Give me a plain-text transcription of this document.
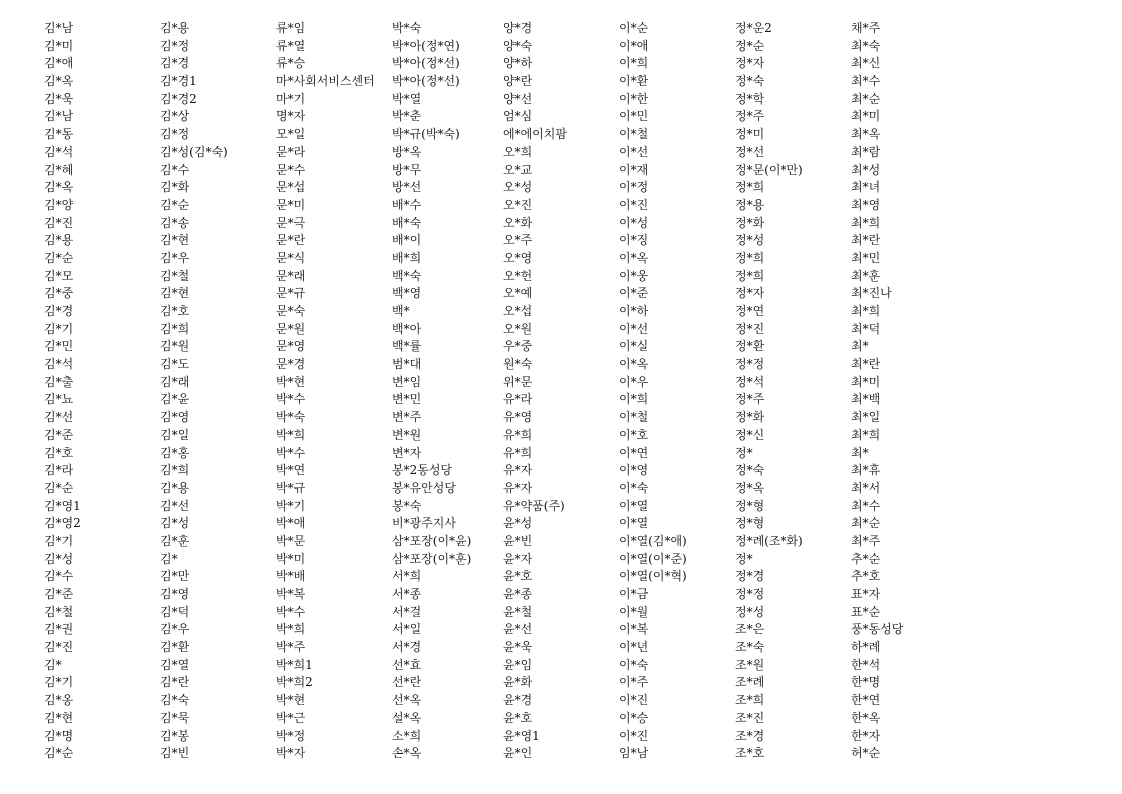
김*남
김*미
김*애
김*옥
김*욱
김*남
김*동
김*석
김*혜
김*옥
김*양
김*진
김*용
김*순
김*모
김*중
김*경
김*기
김*민
김*석
김*출
김*뇨
김*선
김*준
김*호
김*라
김*순
김*영1
김*영2
김*기
김*성
김*수
김*준
김*철
김*권
김*진
김*
김*기
김*옹
김*현
김*명
김*순
김*용
김*정
김*경
김*경1
김*경2
김*상
김*정
김*성(김*숙)
김*수
김*화
김*순
김*송
김*현
김*우
김*철
김*현
김*호
김*희
김*원
김*도
김*래
김*윤
김*영
김*일
김*홍
김*희
김*용
김*선
김*성
김*훈
김*
김*만
김*영
김*덕
김*우
김*환
김*열
김*란
김*숙
김*묵
김*봉
김*빈
류*임
류*열
류*승
마*사회서비스센터
마*기
명*자
모*일
문*라
문*수
문*섭
문*미
문*극
문*란
문*식
문*래
문*규
문*숙
문*원
문*영
문*경
박*현
박*수
박*숙
박*희
박*수
박*연
박*규
박*기
박*애
박*문
박*미
박*배
박*복
박*수
박*희
박*주
박*희1
박*희2
박*현
박*근
박*정
박*자
박*숙
박*아(정*연)
박*아(정*선)
박*아(정*선)
박*열
박*춘
박*규(박*숙)
방*옥
방*무
방*선
배*수
배*숙
배*이
배*희
백*숙
백*영
백*
백*아
백*률
범*대
변*임
변*민
변*주
변*원
변*자
봉*2동성당
봉*유안성당
봉*숙
비*광주지사
삼*포장(이*윤)
삼*포장(이*훈)
서*희
서*종
서*걸
서*일
서*경
선*효
선*란
선*옥
설*옥
소*희
손*옥
양*경
양*숙
양*하
양*란
양*선
엄*심
에*에이치팜
오*희
오*교
오*성
오*진
오*화
오*주
오*영
오*헌
오*예
오*섭
오*원
우*중
원*숙
위*문
유*라
유*영
유*희
유*희
유*자
유*자
유*약품(주)
윤*성
윤*빈
윤*자
윤*호
윤*종
윤*철
윤*선
윤*욱
윤*임
윤*화
윤*경
윤*호
윤*영1
윤*인
이*순
이*애
이*희
이*환
이*한
이*민
이*철
이*선
이*재
이*정
이*진
이*성
이*징
이*옥
이*웅
이*준
이*하
이*선
이*실
이*옥
이*우
이*희
이*철
이*호
이*연
이*영
이*숙
이*열
이*열
이*열(김*애)
이*열(이*준)
이*열(이*혁)
이*금
이*월
이*복
이*년
이*숙
이*주
이*진
이*승
이*진
임*남
정*운2
정*순
정*자
정*숙
정*학
정*주
정*미
정*선
정*문(이*만)
정*희
정*용
정*화
정*성
정*희
정*희
정*자
정*연
정*진
정*환
정*정
정*석
정*주
정*화
정*신
정*
정*숙
정*옥
정*형
정*형
정*례(조*화)
정*
정*경
정*정
정*성
조*은
조*숙
조*원
조*례
조*희
조*진
조*경
조*호
채*주
최*숙
최*신
최*수
최*순
최*미
최*옥
최*람
최*성
최*녀
최*영
최*희
최*란
최*민
최*훈
최*진나
최*희
최*덕
최*
최*란
최*미
최*백
최*일
최*희
최*
최*휴
최*서
최*수
최*순
최*주
추*순
추*호
표*자
표*순
풍*동성당
하*례
한*석
한*명
한*연
한*옥
한*자
허*순
